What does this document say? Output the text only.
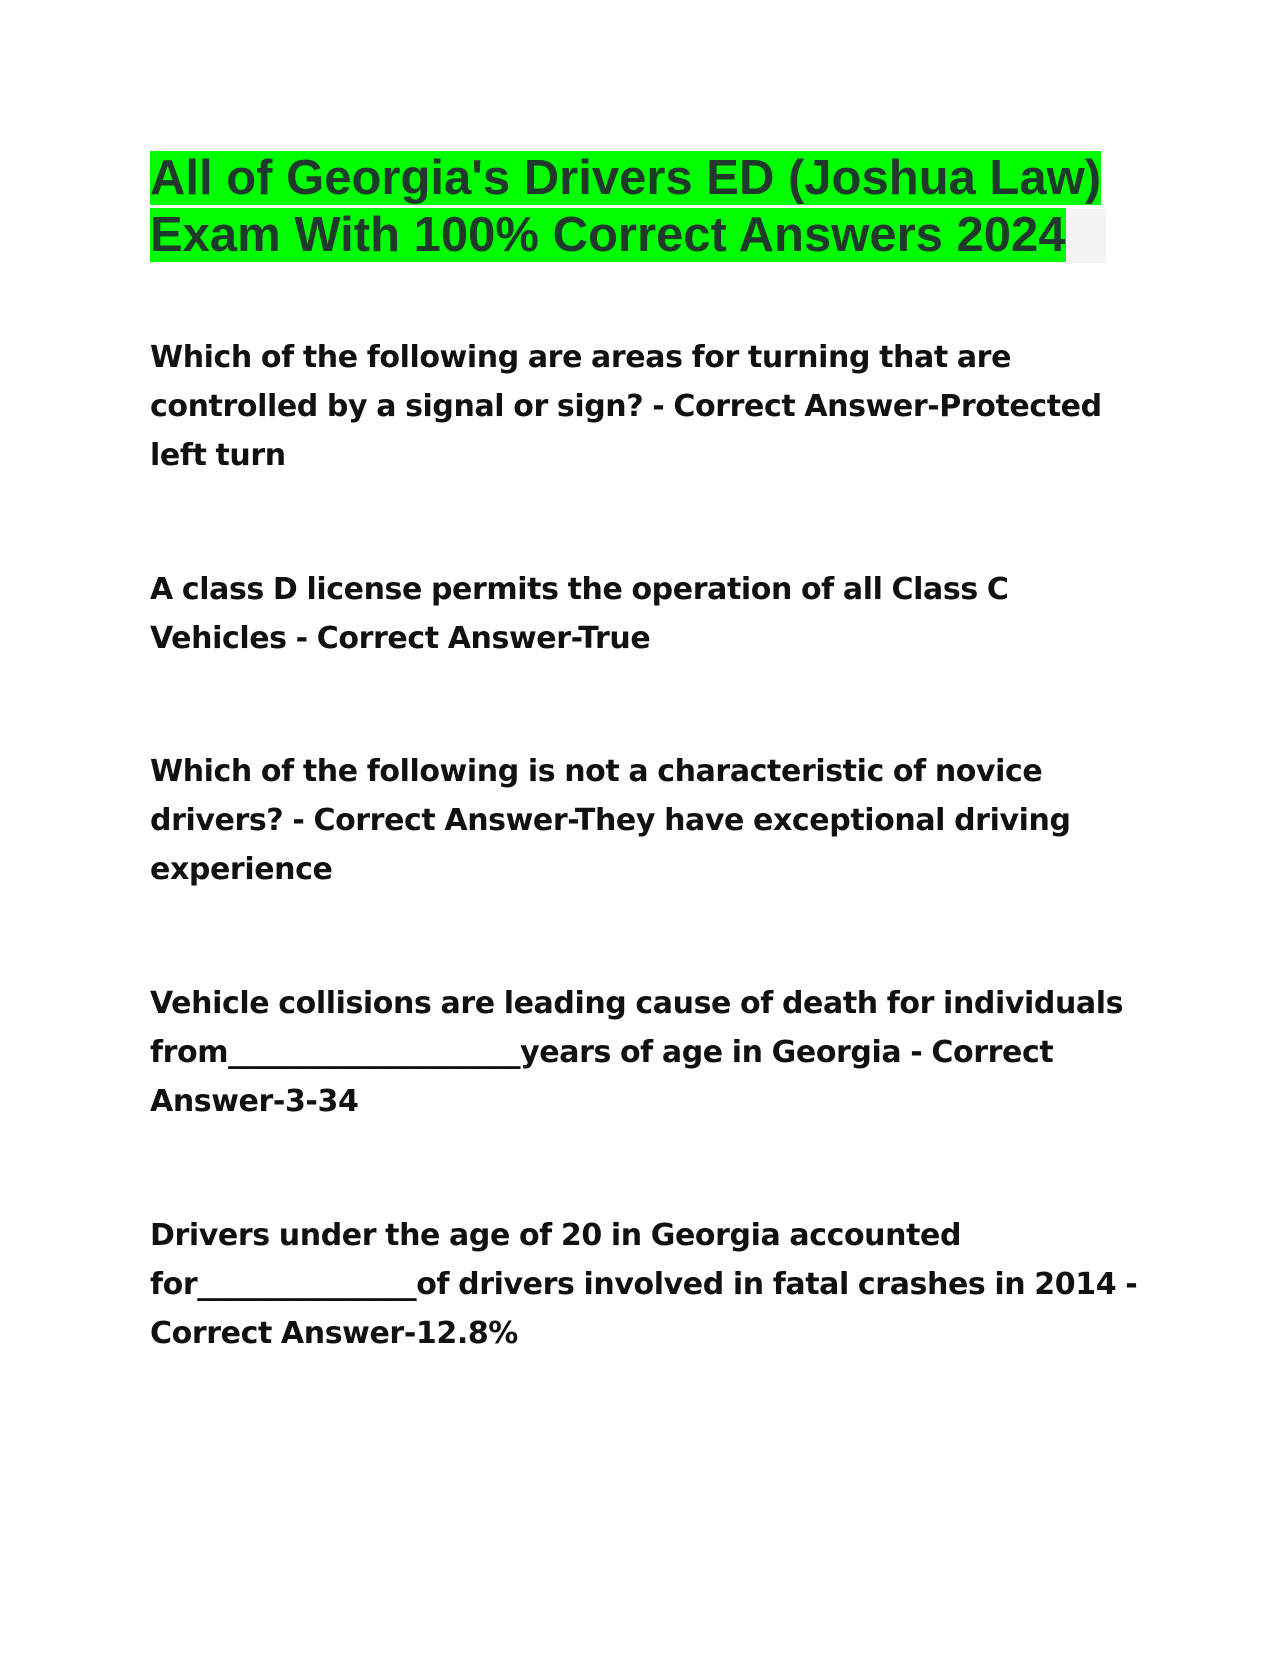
All of Georgia's Drivers ED (Joshua Law) Exam With 100% Correct Answers 2024

Which of the following are areas for turning that are controlled by a signal or sign? - Correct Answer-Protected left turn

A class D license permits the operation of all Class C Vehicles - Correct Answer-True

Which of the following is not a characteristic of novice drivers? - Correct Answer-They have exceptional driving experience

Vehicle collisions are leading cause of death for individuals from____________________years of age in Georgia - Correct Answer-3-34

Drivers under the age of 20 in Georgia accounted for_______________of drivers involved in fatal crashes in 2014 - Correct Answer-12.8%
